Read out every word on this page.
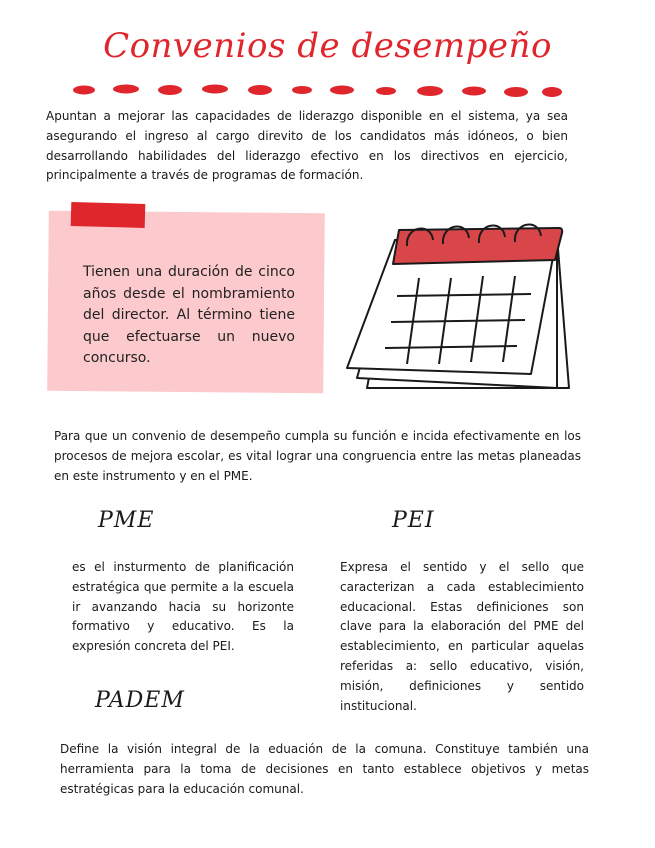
Convenios de desempeño
Apuntan a mejorar las capacidades de liderazgo disponible en el sistema, ya sea asegurando el ingreso al cargo direvito de los candidatos más idóneos, o bien desarrollando habilidades del liderazgo efectivo en los directivos en ejercicio, principalmente a través de programas de formación.
Tienen una duración de cinco años desde el nombramiento del director. Al término tiene que efectuarse un nuevo concurso.
Para que un convenio de desempeño cumpla su función e incida efectivamente en los procesos de mejora escolar, es vital lograr una congruencia entre las metas planeadas en este instrumento y en el PME.
PME	PEI
es el insturmento de planificación estratégica que permite a la escuela ir avanzando hacia su horizonte formativo y educativo. Es la expresión concreta del PEI.
Expresa el sentido y el sello que caracterizan a cada establecimiento educacional. Estas definiciones son clave para la elaboración del PME del establecimiento, en particular aquelas referidas a: sello educativo, visión, misión, definiciones y sentido institucional.
PADEM
Define la visión integral de la eduación de la comuna. Constituye también una herramienta para la toma de decisiones en tanto establece objetivos y metas estratégicas para la educación comunal.
